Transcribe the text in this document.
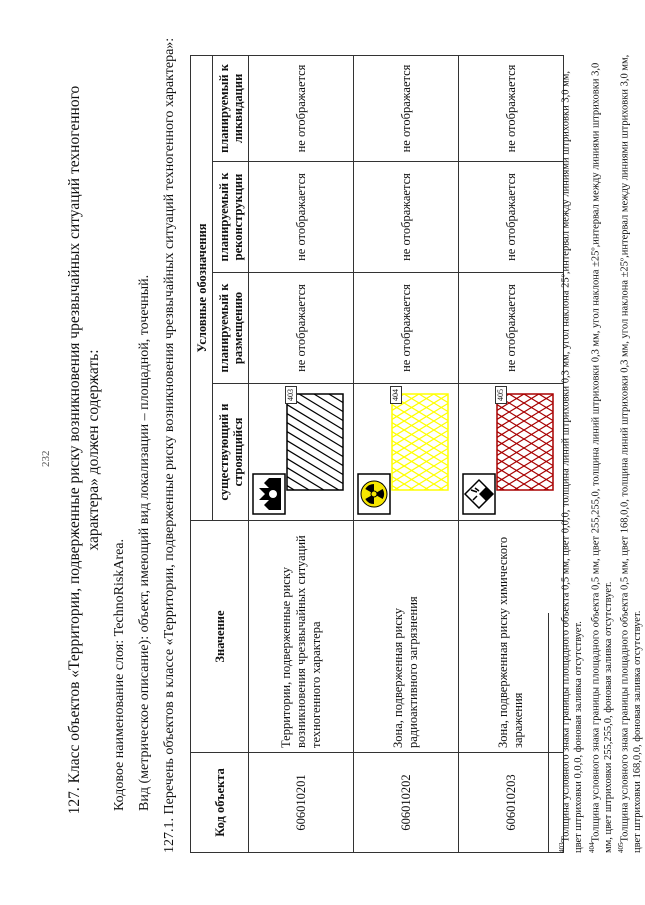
232 127. Класс объектов «Территории, подверженные риску возникновения чрезвычайных ситуаций техногенного характера» должен содержать:
Кодовое наименование слоя: TechnoRiskArea. Вид (метрическое описание): объект, имеющий вид локализации – площадной, точечный. 127.1. Перечень объектов в классе «Территории, подверженные риску возникновения чрезвычайных ситуаций техногенного характера»:	Код объекта	Значение	Условные обозначения			
		существующий и строящийся	планируемый к размещению	планируемый к реконструкции	планируемый к ликвидации
606010201	Территории, подверженные риску возникновения чрезвычайных ситуаций техногенного характера	403	не отображается	не отображается	не отображается
606010202	Зона, подверженная риску радиоактивного загрязнения	404	не отображается	не отображается	не отображается
606010203	Зона, подверженная риску химического заражения	405	не отображается	не отображается	не отображается

$^{403}$Толщина условного знака границы площадного объекта 0,5 мм, цвет 0,0,0, толщина линий штриховки 0,3 мм, угол наклона 25º,интервал между линиями штриховки 3,0 мм, цвет штриховки 0,0,0, фоновая заливка отсутствует. $^{404}$Толщина условного знака границы площадного объекта 0,5 мм, цвет 255,255,0, толщина линий штриховки 0,3 мм, угол наклона ±25º,интервал между линиями штриховки 3,0 мм, цвет штриховки 255,255,0, фоновая заливка отсутствует. $^{405}$Толщина условного знака границы площадного объекта 0,5 мм, цвет 168,0,0, толщина линий штриховки 0,3 мм, угол наклона ±25º,интервал между линиями штриховки 3,0 мм, цвет штриховки 168,0,0, фоновая заливка отсутствует.
